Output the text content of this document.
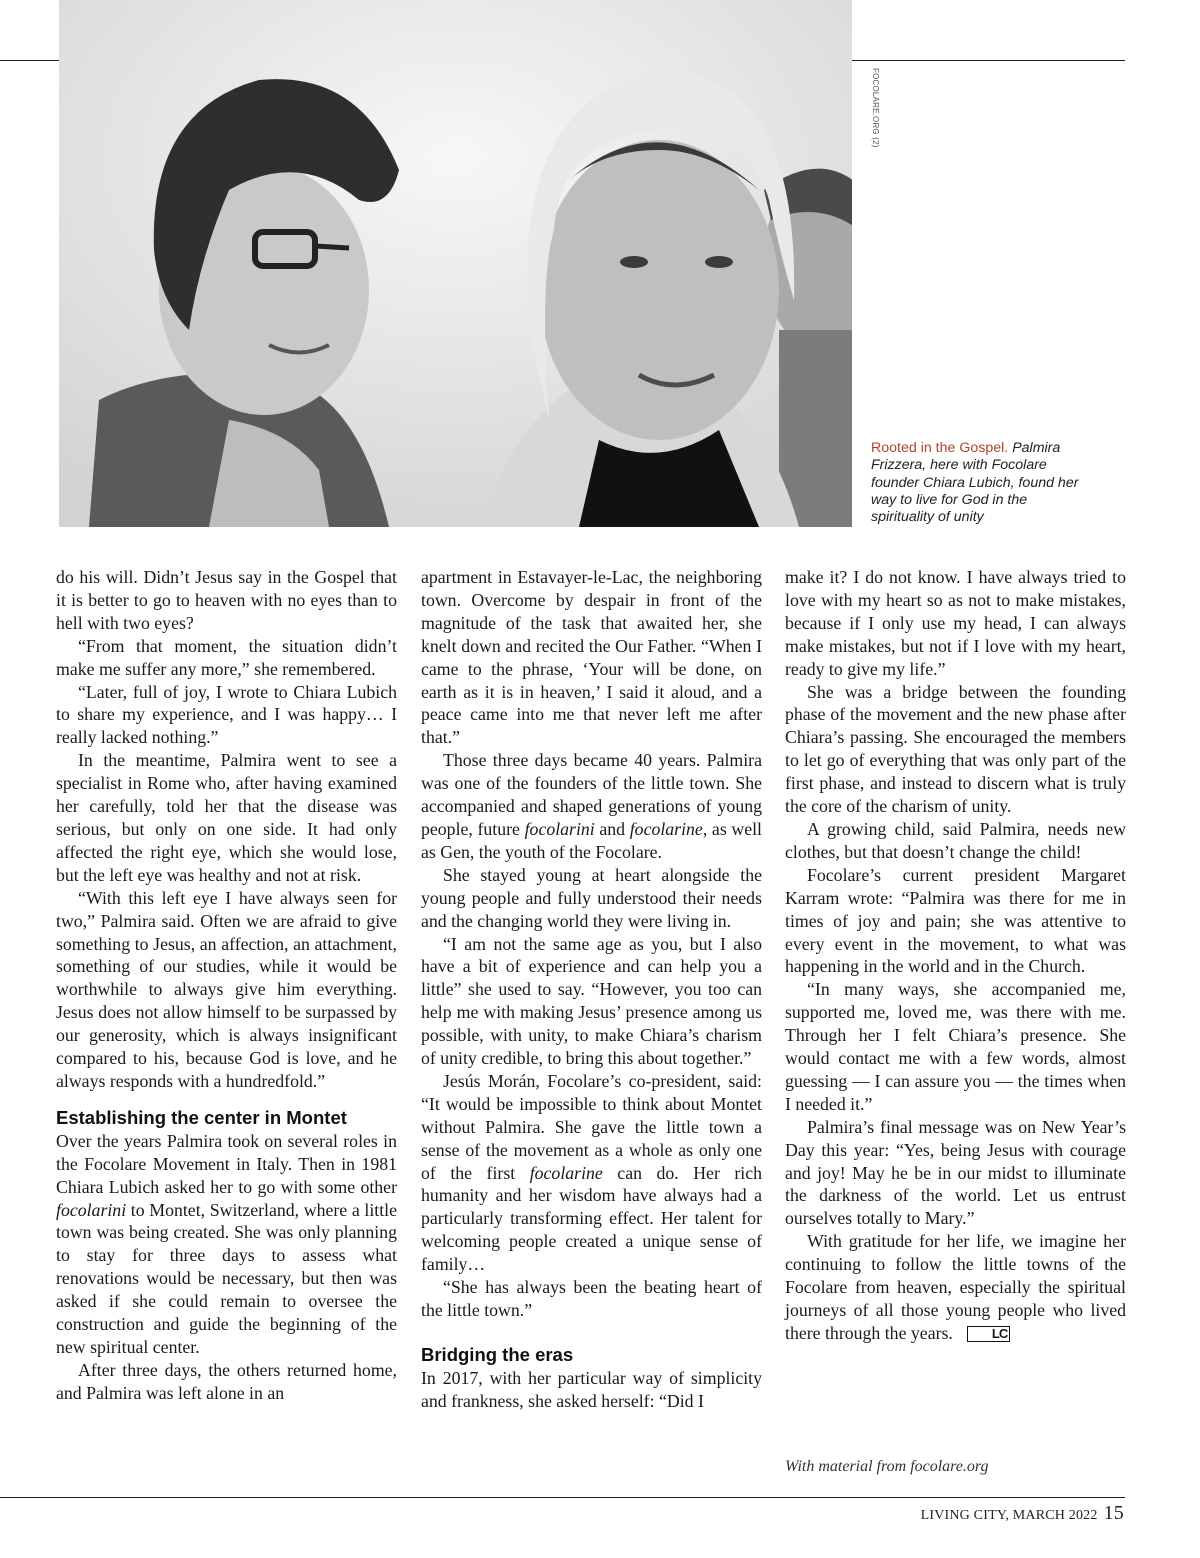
FOCOLARE.ORG (2)
Rooted in the Gospel. Palmira Frizzera, here with Focolare founder Chiara Lubich, found her way to live for God in the spirituality of unity

do his will. Didn’t Jesus say in the Gospel that it is better to go to heaven with no eyes than to hell with two eyes?

“From that moment, the situation didn’t make me suffer any more,” she remembered.

“Later, full of joy, I wrote to Chiara Lubich to share my experience, and I was happy… I really lacked nothing.”

In the meantime, Palmira went to see a specialist in Rome who, after having examined her carefully, told her that the disease was serious, but only on one side. It had only affected the right eye, which she would lose, but the left eye was healthy and not at risk.

“With this left eye I have always seen for two,” Palmira said. Often we are afraid to give something to Jesus, an affection, an attachment, something of our studies, while it would be worthwhile to always give him everything. Jesus does not allow himself to be surpassed by our generosity, which is always insignificant compared to his, because God is love, and he always responds with a hundredfold.”

Establishing the center in Montet

Over the years Palmira took on several roles in the Focolare Movement in Italy. Then in 1981 Chiara Lubich asked her to go with some other focolarini to Montet, Switzerland, where a little town was being created. She was only planning to stay for three days to assess what renovations would be necessary, but then was asked if she could remain to oversee the construction and guide the beginning of the new spiritual center.

After three days, the others returned home, and Palmira was left alone in an

apartment in Estavayer-le-Lac, the neighboring town. Overcome by despair in front of the magnitude of the task that awaited her, she knelt down and recited the Our Father. “When I came to the phrase, ‘Your will be done, on earth as it is in heaven,’ I said it aloud, and a peace came into me that never left me after that.”

Those three days became 40 years. Palmira was one of the founders of the little town. She accompanied and shaped generations of young people, future focolarini and focolarine, as well as Gen, the youth of the Focolare.

She stayed young at heart alongside the young people and fully understood their needs and the changing world they were living in.

“I am not the same age as you, but I also have a bit of experience and can help you a little” she used to say. “However, you too can help me with making Jesus’ presence among us possible, with unity, to make Chiara’s charism of unity credible, to bring this about together.”

Jesús Morán, Focolare’s co-president, said: “It would be impossible to think about Montet without Palmira. She gave the little town a sense of the movement as a whole as only one of the first focolarine can do. Her rich humanity and her wisdom have always had a particularly transforming effect. Her talent for welcoming people created a unique sense of family…

“She has always been the beating heart of the little town.”

Bridging the eras

In 2017, with her particular way of simplicity and frankness, she asked herself: “Did I

make it? I do not know. I have always tried to love with my heart so as not to make mistakes, because if I only use my head, I can always make mistakes, but not if I love with my heart, ready to give my life.”

She was a bridge between the founding phase of the movement and the new phase after Chiara’s passing. She encouraged the members to let go of everything that was only part of the first phase, and instead to discern what is truly the core of the charism of unity.

A growing child, said Palmira, needs new clothes, but that doesn’t change the child!

Focolare’s current president Margaret Karram wrote: “Palmira was there for me in times of joy and pain; she was attentive to every event in the movement, to what was happening in the world and in the Church.

“In many ways, she accompanied me, supported me, loved me, was there with me. Through her I felt Chiara’s presence. She would contact me with a few words, almost guessing — I can assure you — the times when I needed it.”

Palmira’s final message was on New Year’s Day this year: “Yes, being Jesus with courage and joy! May he be in our midst to illuminate the darkness of the world. Let us entrust ourselves totally to Mary.”

With gratitude for her life, we imagine her continuing to follow the little towns of the Focolare from heaven, especially the spiritual journeys of all those young people who lived there through the years.	LC

With material from focolare.org
LIVING CITY, MARCH 2022 15
